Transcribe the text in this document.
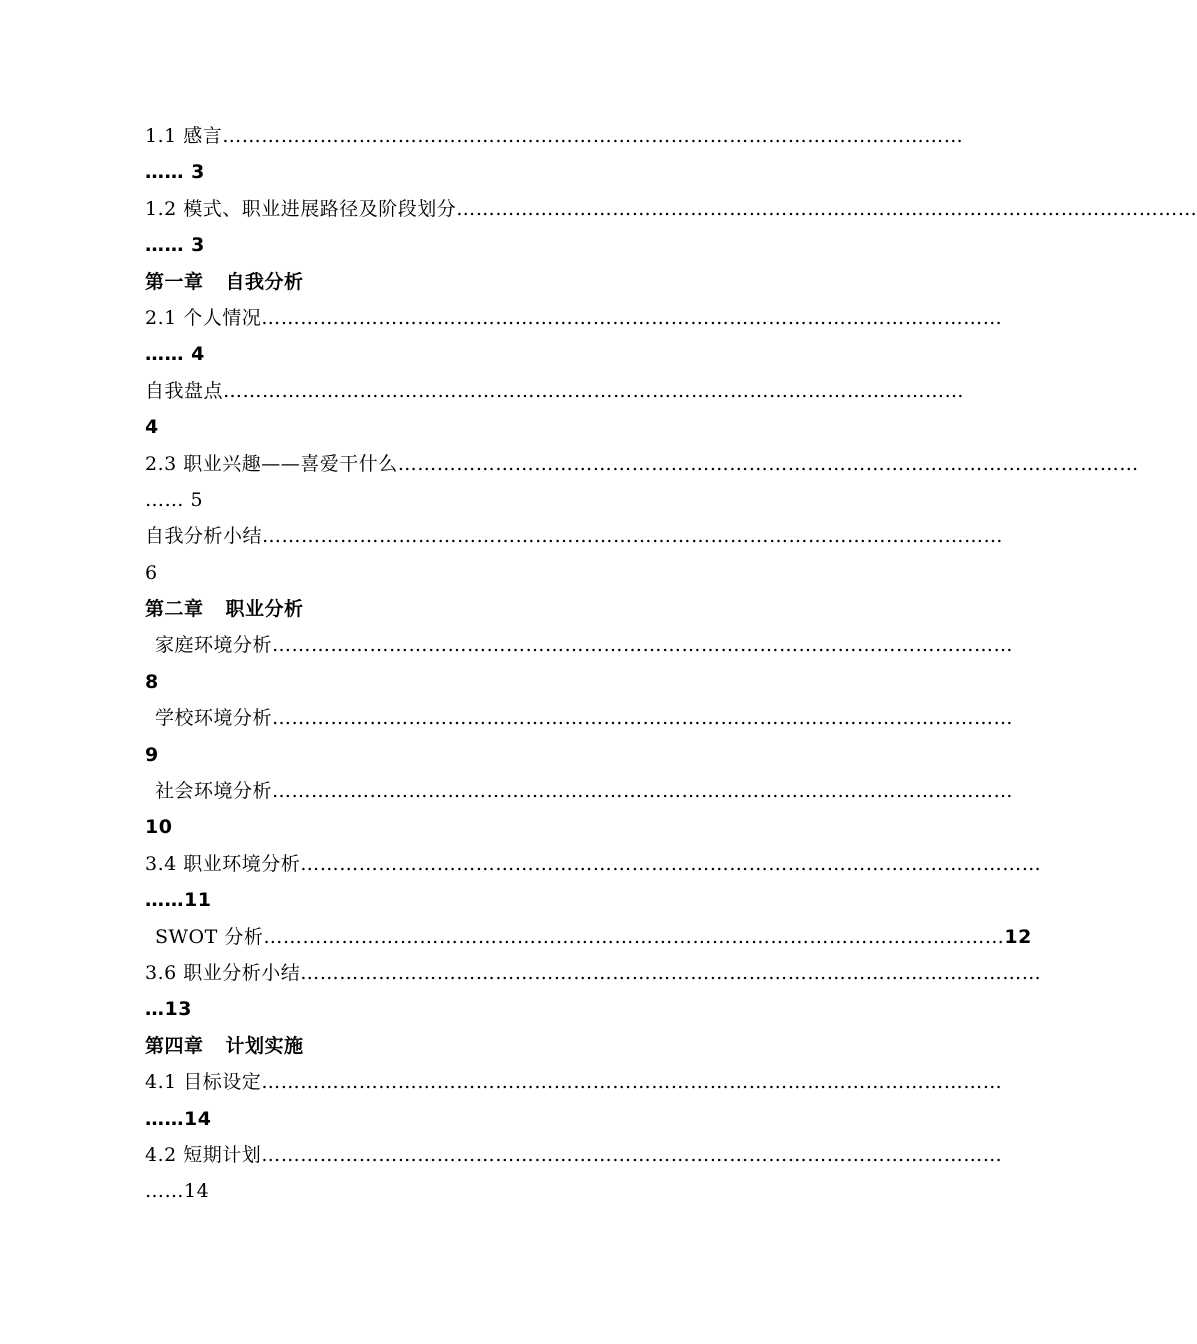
1.1 感言 ……………………………………………………………………………………………………
…… 3
1.2 模式、职业进展路径及阶段划分 ……………………………………………………………………………………………………
…… 3
第一章 自我分析
2.1 个人情况 ……………………………………………………………………………………………………
…… 4
自我盘点 ……………………………………………………………………………………………………
4
2.3 职业兴趣——喜爱干什么 ……………………………………………………………………………………………………
…… 5
自我分析小结 ……………………………………………………………………………………………………
6
第二章 职业分析
家庭环境分析 ……………………………………………………………………………………………………
8
学校环境分析 ……………………………………………………………………………………………………
9
社会环境分析 ……………………………………………………………………………………………………
10
3.4 职业环境分析 ……………………………………………………………………………………………………
……11
SWOT 分析 …………………………………………………………………………………………………… 12
3.6 职业分析小结 ……………………………………………………………………………………………………
…13
第四章 计划实施
4.1 目标设定 ……………………………………………………………………………………………………
……14
4.2 短期计划 ……………………………………………………………………………………………………
……14
